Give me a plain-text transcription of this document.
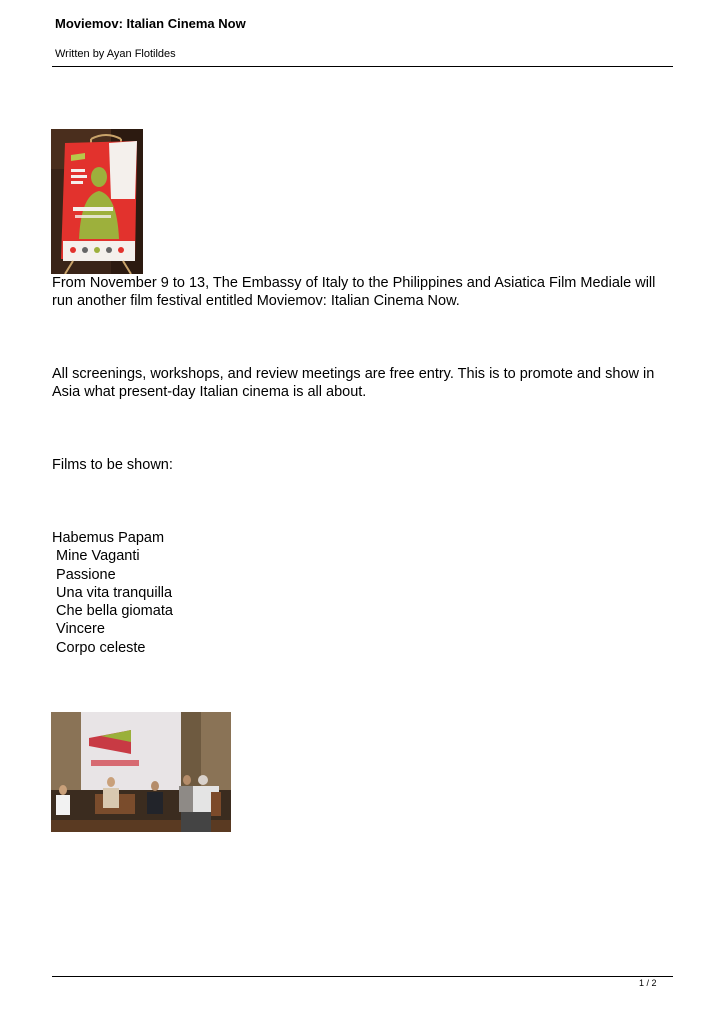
Moviemov: Italian Cinema Now
Written by Ayan Flotildes
From November 9 to 13, The Embassy of Italy to the Philippines and Asiatica Film Mediale will run another film festival entitled Moviemov: Italian Cinema Now.
All screenings, workshops, and review meetings are free entry. This is to promote and show in Asia what present-day Italian cinema is all about.
Films to be shown:
Habemus Papam
Mine Vaganti
Passione
Una vita tranquilla
Che bella giomata
Vincere
Corpo celeste
1 / 2
